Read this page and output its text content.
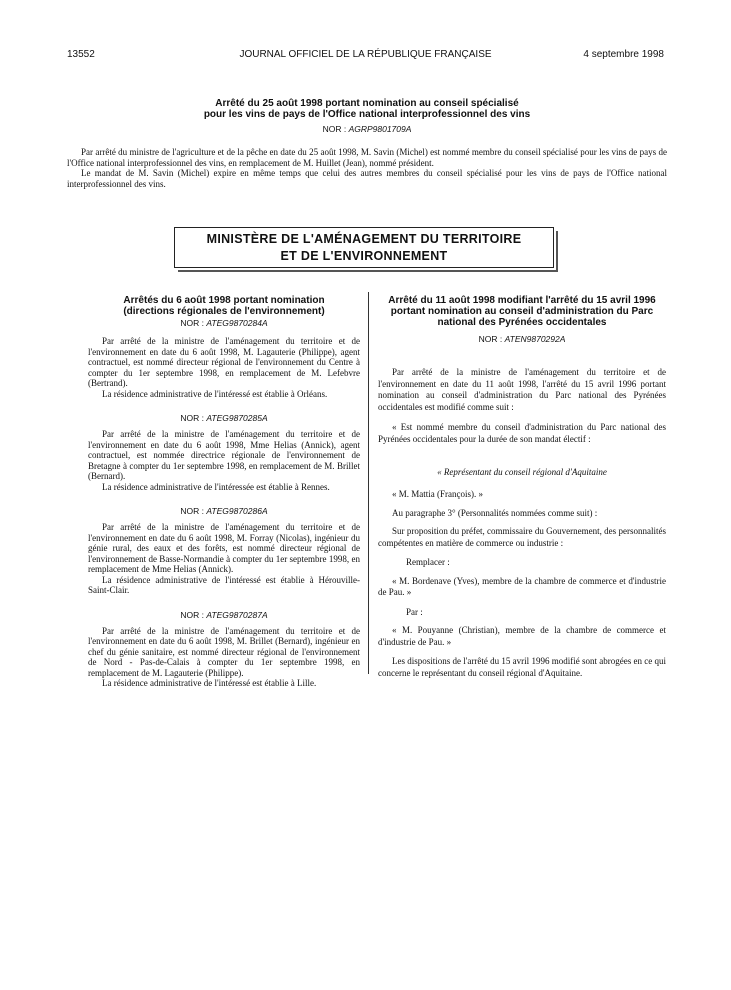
13552	JOURNAL OFFICIEL DE LA RÉPUBLIQUE FRANÇAISE	4 septembre 1998
Arrêté du 25 août 1998 portant nomination au conseil spécialisé
pour les vins de pays de l'Office national interprofessionnel des vins
NOR : AGRP9801709A

Par arrêté du ministre de l'agriculture et de la pêche en date du 25 août 1998, M. Savin (Michel) est nommé membre du conseil spécialisé pour les vins de pays de l'Office national interprofessionnel des vins, en remplacement de M. Huillet (Jean), nommé président.

Le mandat de M. Savin (Michel) expire en même temps que celui des autres membres du conseil spécialisé pour les vins de pays de l'Office national interprofessionnel des vins.

MINISTÈRE DE L'AMÉNAGEMENT DU TERRITOIRE
ET DE L'ENVIRONNEMENT
Arrêtés du 6 août 1998 portant nomination
(directions régionales de l'environnement)
NOR : ATEG9870284A

Par arrêté de la ministre de l'aménagement du territoire et de l'environnement en date du 6 août 1998, M. Lagauterie (Philippe), agent contractuel, est nommé directeur régional de l'environnement du Centre à compter du 1er septembre 1998, en remplacement de M. Lefebvre (Bertrand).

La résidence administrative de l'intéressé est établie à Orléans.

NOR : ATEG9870285A

Par arrêté de la ministre de l'aménagement du territoire et de l'environnement en date du 6 août 1998, Mme Helias (Annick), agent contractuel, est nommée directrice régionale de l'environnement de Bretagne à compter du 1er septembre 1998, en remplacement de M. Brillet (Bernard).

La résidence administrative de l'intéressée est établie à Rennes.

NOR : ATEG9870286A

Par arrêté de la ministre de l'aménagement du territoire et de l'environnement en date du 6 août 1998, M. Forray (Nicolas), ingénieur du génie rural, des eaux et des forêts, est nommé directeur régional de l'environnement de Basse-Normandie à compter du 1er septembre 1998, en remplacement de Mme Helias (Annick).

La résidence administrative de l'intéressé est établie à Hérouville-Saint-Clair.

NOR : ATEG9870287A

Par arrêté de la ministre de l'aménagement du territoire et de l'environnement en date du 6 août 1998, M. Brillet (Bernard), ingénieur en chef du génie sanitaire, est nommé directeur régional de l'environnement de Nord - Pas-de-Calais à compter du 1er septembre 1998, en remplacement de M. Lagauterie (Philippe).

La résidence administrative de l'intéressé est établie à Lille.

Arrêté du 11 août 1998 modifiant l'arrêté du 15 avril 1996
portant nomination au conseil d'administration du Parc
national des Pyrénées occidentales
NOR : ATEN9870292A

Par arrêté de la ministre de l'aménagement du territoire et de l'environnement en date du 11 août 1998, l'arrêté du 15 avril 1996 portant nomination au conseil d'administration du Parc national des Pyrénées occidentales est modifié comme suit :

« Est nommé membre du conseil d'administration du Parc national des Pyrénées occidentales pour la durée de son mandat électif :

« Représentant du conseil régional d'Aquitaine

« M. Mattia (François). »

Au paragraphe 3° (Personnalités nommées comme suit) :

Sur proposition du préfet, commissaire du Gouvernement, des personnalités compétentes en matière de commerce ou industrie :

Remplacer :

« M. Bordenave (Yves), membre de la chambre de commerce et d'industrie de Pau. »

Par :

« M. Pouyanne (Christian), membre de la chambre de commerce et d'industrie de Pau. »

Les dispositions de l'arrêté du 15 avril 1996 modifié sont abrogées en ce qui concerne le représentant du conseil régional d'Aquitaine.
